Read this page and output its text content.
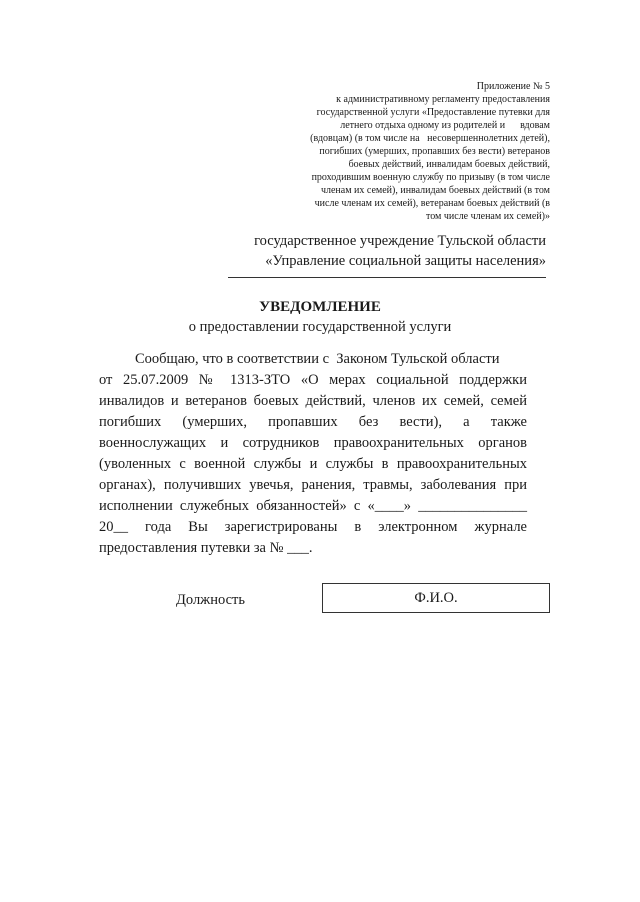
Приложение № 5
к административному регламенту предоставления
государственной услуги «Предоставление путевки для
летнего отдыха одному из родителей и      вдовам
(вдовцам) (в том числе на   несовершеннолетних детей),
погибших (умерших, пропавших без вести) ветеранов
боевых действий, инвалидам боевых действий,
проходившим военную службу по призыву (в том числе
членам их семей), инвалидам боевых действий (в том
числе членам их семей), ветеранам боевых действий (в
том числе членам их семей)»
государственное учреждение Тульской области
«Управление социальной защиты населения»
УВЕДОМЛЕНИЕ
о предоставлении государственной услуги
Сообщаю, что в соответствии с  Законом Тульской области
от 25.07.2009 № 1313-ЗТО «О мерах социальной поддержки
инвалидов и ветеранов боевых действий, членов их семей, семей
погибших (умерших, пропавших без вести), а также
военнослужащих и сотрудников правоохранительных органов
(уволенных с военной службы и службы в правоохранительных
органах), получивших увечья, ранения, травмы, заболевания при
исполнении служебных обязанностей» с «____» _______________
20__ года Вы зарегистрированы в электронном журнале
предоставления путевки за № ___.
Должность	Ф.И.О.
